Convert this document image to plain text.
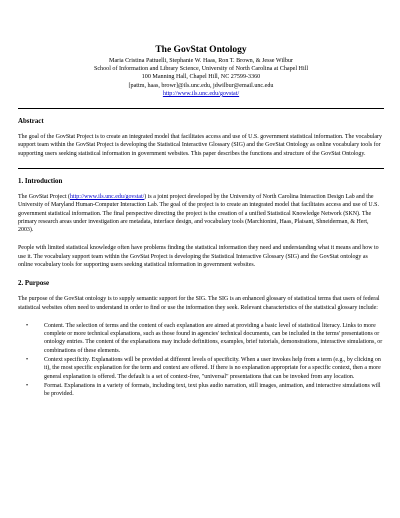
The GovStat Ontology
Maria Cristina Pattuelli, Stephanie W. Haas, Ron T. Brown, & Jesse Wilbur
School of Information and Library Science, University of North Carolina at Chapel Hill
100 Manning Hall, Chapel Hill, NC 27599-3360
[pattm, haas, browr]@ils.unc.edu, jdwilbur@email.unc.edu
http://www.ils.unc.edu/govstat/
Abstract

The goal of the GovStat Project is to create an integrated model that facilitates access and use of U.S. government statistical information. The vocabulary support team within the GovStat Project is developing the Statistical Interactive Glossary (SIG) and the GovStat Ontology as online vocabulary tools for supporting users seeking statistical information in government websites. This paper describes the functions and structure of the GovStat Ontology.

1. Introduction

The GovStat Project (http://www.ils.unc.edu/govstat/) is a joint project developed by the University of North Carolina Interaction Design Lab and the University of Maryland Human-Computer Interaction Lab. The goal of the project is to create an integrated model that facilitates access and use of U.S. government statistical information. The final perspective directing the project is the creation of a unified Statistical Knowledge Network (SKN). The primary research areas under investigation are metadata, interface design, and vocabulary tools (Marchionini, Haas, Plaisant, Shneiderman, & Hert, 2003).

People with limited statistical knowledge often have problems finding the statistical information they need and understanding what it means and how to use it. The vocabulary support team within the GovStat Project is developing the Statistical Interactive Glossary (SIG) and the GovStat ontology as online vocabulary tools for supporting users seeking statistical information in government websites.

2. Purpose

The purpose of the GovStat ontology is to supply semantic support for the SIG. The SIG is an enhanced glossary of statistical terms that users of federal statistical websites often need to understand in order to find or use the information they seek. Relevant characteristics of the statistical glossary include:

•	Content. The selection of terms and the content of each explanation are aimed at providing a basic level of statistical literacy. Links to more complete or more technical explanations, such as those found in agencies' technical documents, can be included in the terms' presentations or ontology entries. The content of the explanations may include definitions, examples, brief tutorials, demonstrations, interactive simulations, or combinations of these elements.
•	Context specificity. Explanations will be provided at different levels of specificity. When a user invokes help from a term (e.g., by clicking on it), the most specific explanation for the term and context are offered. If there is no explanation appropriate for a specific context, then a more general explanation is offered. The default is a set of context-free, "universal" presentations that can be invoked from any location.
•	Format. Explanations in a variety of formats, including text, text plus audio narration, still images, animation, and interactive simulations will be provided.
